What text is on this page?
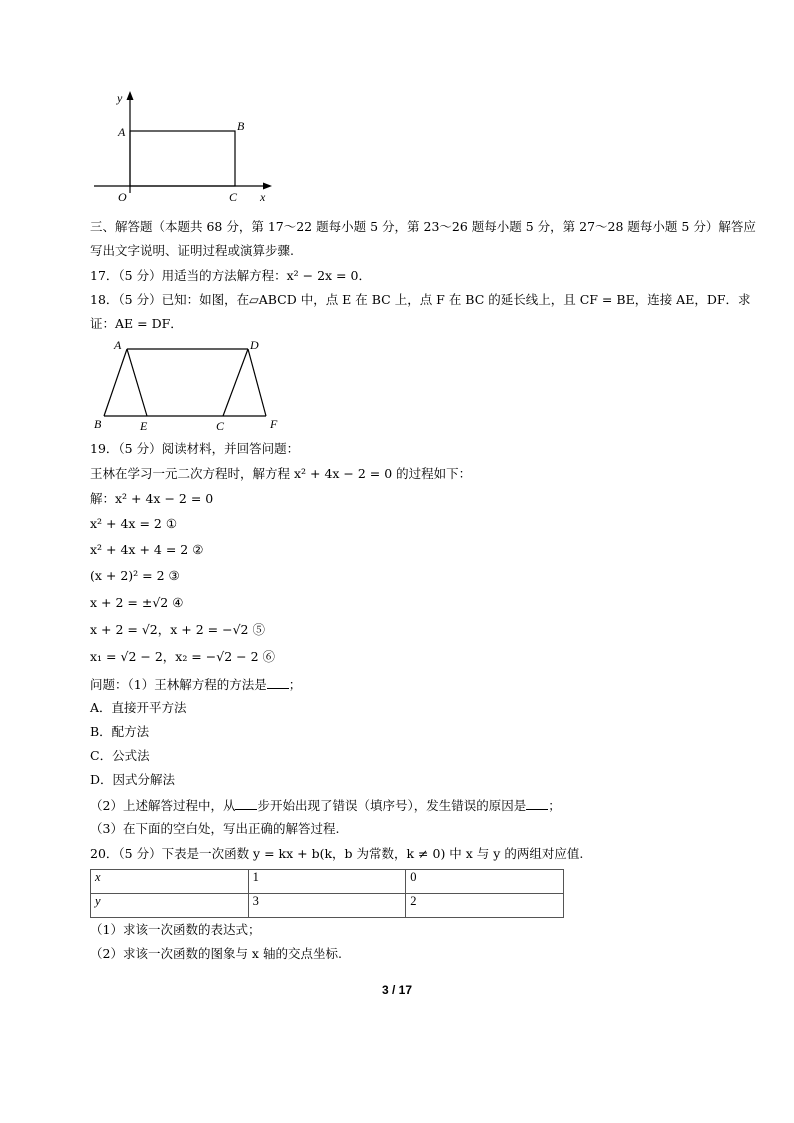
y
A	B
O	C x
三、解答题（本题共 68 分，第 17～22 题每小题 5 分，第 23～26 题每小题 5 分，第 27～28 题每小题 5 分）解答应
写出文字说明、证明过程或演算步骤.
17．（5 分）用适当的方法解方程：x² − 2x = 0．
18．（5 分）已知：如图，在▱ABCD 中，点 E 在 BC 上，点 F 在 BC 的延长线上，且 CF = BE，连接 AE，DF．求
证：AE = DF．
A	D
B	E	C	F
19．（5 分）阅读材料，并回答问题：
王林在学习一元二次方程时，解方程 x² + 4x − 2 = 0 的过程如下：
解：x² + 4x − 2 = 0
x² + 4x = 2 ①
x² + 4x + 4 = 2 ②
(x + 2)² = 2 ③
x + 2 = ±√2 ④
x + 2 = √2，x + 2 = −√2 ⑤
x₁ = √2 − 2，x₂ = −√2 − 2 ⑥
问题：（1）王林解方程的方法是 ；
A．直接开平方法
B．配方法
C．公式法
D．因式分解法
（2）上述解答过程中，从 步开始出现了错误（填序号），发生错误的原因是 ；
（3）在下面的空白处，写出正确的解答过程.
20．（5 分）下表是一次函数 y = kx + b(k，b 为常数，k ≠ 0) 中 x 与 y 的两组对应值.
x	1	0
y	3	2
（1）求该一次函数的表达式；
（2）求该一次函数的图象与 x 轴的交点坐标.
3 / 17
